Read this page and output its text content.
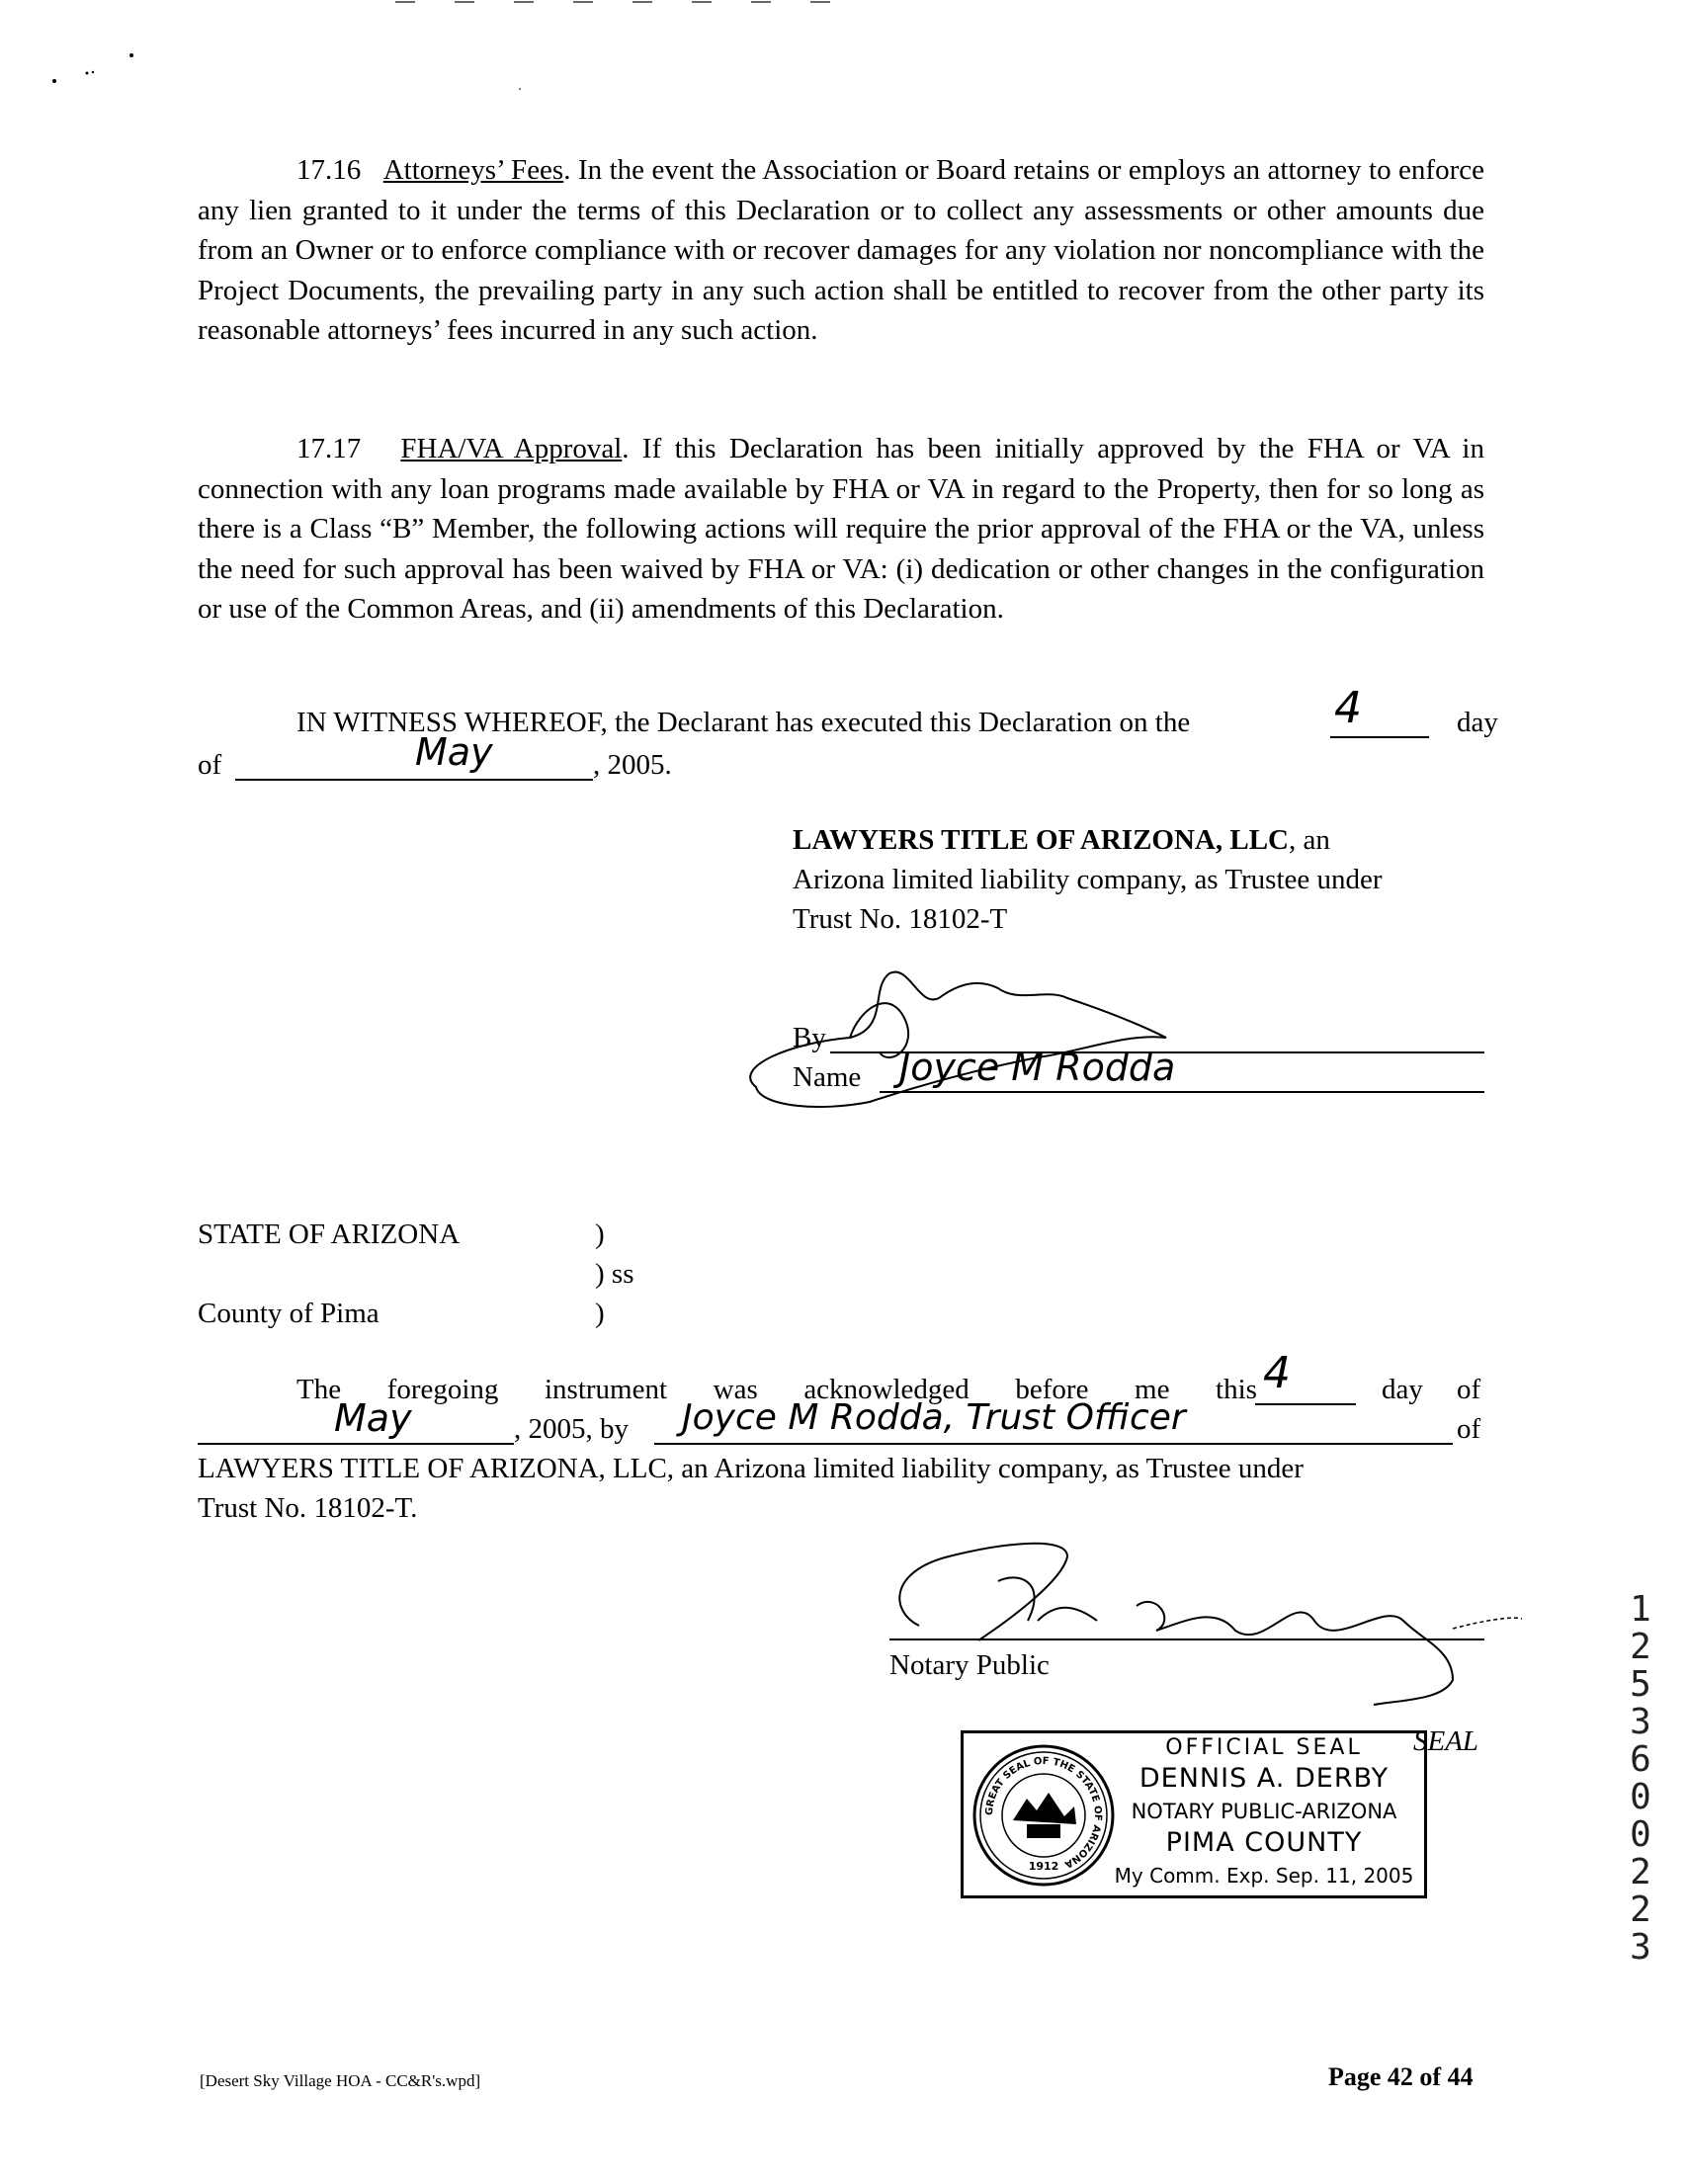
17.16 Attorneys’ Fees. In the event the Association or Board retains or employs an attorney to enforce any lien granted to it under the terms of this Declaration or to collect any assessments or other amounts due from an Owner or to enforce compliance with or recover damages for any violation nor noncompliance with the Project Documents, the prevailing party in any such action shall be entitled to recover from the other party its reasonable attorneys’ fees incurred in any such action.

17.17 FHA/VA Approval. If this Declaration has been initially approved by the FHA or VA in connection with any loan programs made available by FHA or VA in regard to the Property, then for so long as there is a Class “B” Member, the following actions will require the prior approval of the FHA or the VA, unless the need for such approval has been waived by FHA or VA: (i) dedication or other changes in the configuration or use of the Common Areas, and (ii) amendments of this Declaration.

IN WITNESS WHEREOF, the Declarant has executed this Declaration on the	4	day
of	May	, 2005.
LAWYERS TITLE OF ARIZONA, LLC, an
Arizona limited liability company, as Trustee under
Trust No. 18102-T
By
Name Joyce M Rodda
STATE OF ARIZONA	)
) ss
County of Pima	)
The foregoing instrument was acknowledged before me this 4	day of
May	, 2005, by Joyce M Rodda, Trust Officer	of
LAWYERS TITLE OF ARIZONA, LLC, an Arizona limited liability company, as Trustee under
Trust No. 18102-T.
Notary Public
GREAT SEAL OF THE STATE OF ARIZONA
1912
OFFICIAL SEAL
DENNIS A. DERBY
NOTARY PUBLIC-ARIZONA
PIMA COUNTY
My Comm. Exp. Sep. 11, 2005
SEAL
12536 00223
[Desert Sky Village HOA - CC&R's.wpd]	Page 42 of 44
